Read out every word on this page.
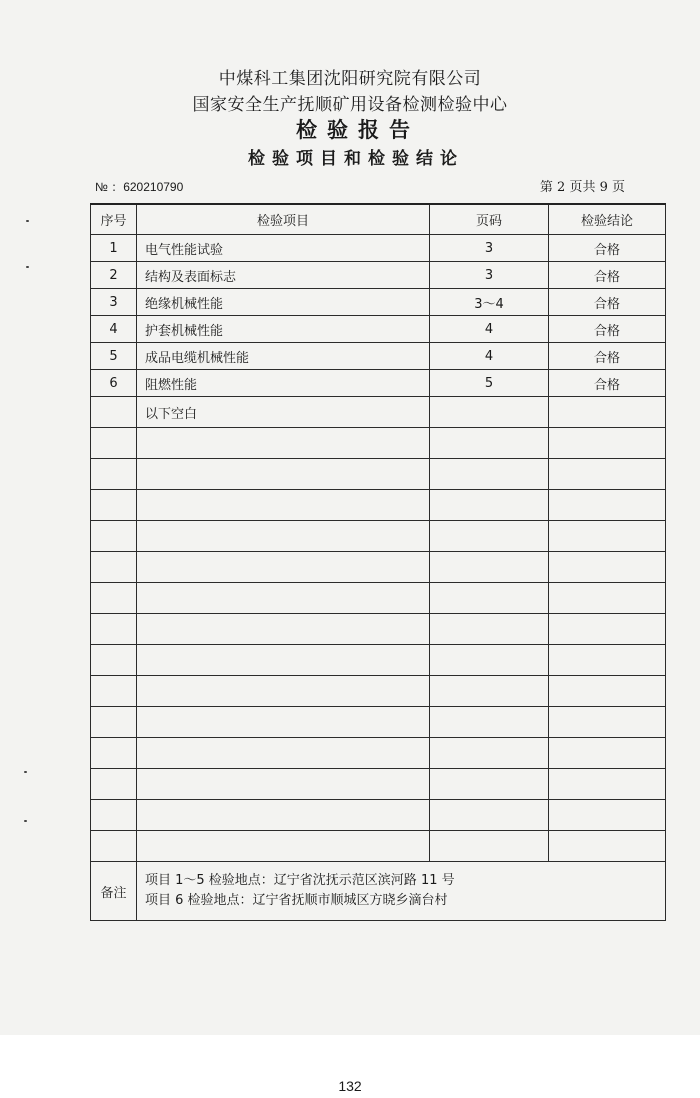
中煤科工集团沈阳研究院有限公司
国家安全生产抚顺矿用设备检测检验中心
检验报告
检验项目和检验结论
№ ：620210790	第 2 页共 9 页
序号	检验项目	页码	检验结论
1	电气性能试验	3	合格
2	结构及表面标志	3	合格
3	绝缘机械性能	3～4	合格
4	护套机械性能	4	合格
5	成品电缆机械性能	4	合格
6	阻燃性能	5	合格
	以下空白		

备注	项目 1～5 检验地点：辽宁省沈抚示范区滨河路 11 号
项目 6 检验地点：辽宁省抚顺市顺城区方晓乡滴台村		
132
